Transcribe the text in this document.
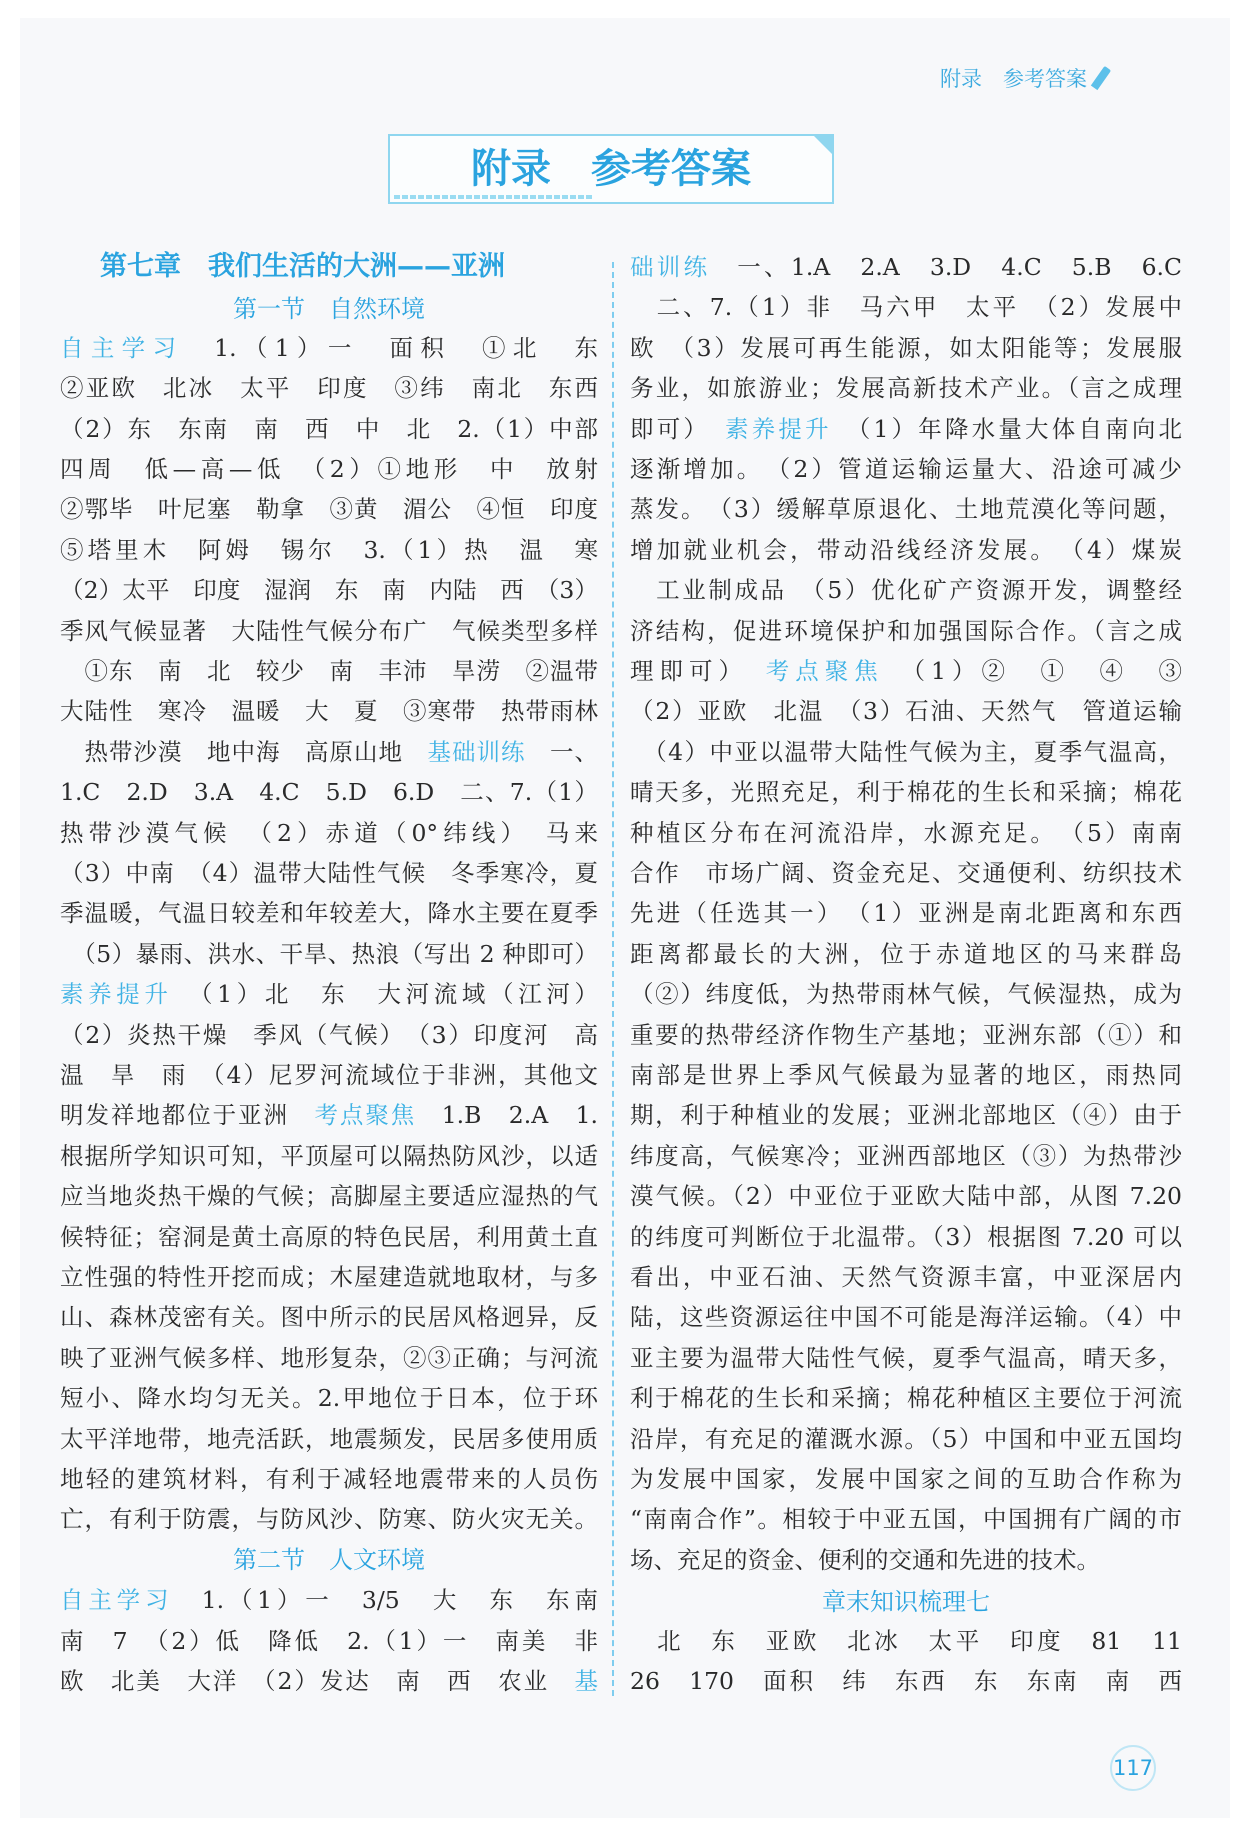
附录　参考答案
附录　参考答案
第七章　我们生活的大洲——亚洲
第一节　自然环境
第二节　人文环境
章末知识梳理七
自主学习　1.（1）一　面积　①北　东
②亚欧　北冰　太平　印度　③纬　南北　东西
（2）东　东南　南　西　中　北　2.（1）中部
四周　低—高—低　（2）①地形　中　放射
②鄂毕　叶尼塞　勒拿　③黄　湄公　④恒　印度
⑤塔里木　阿姆　锡尔　3.（1）热　温　寒
（2）太平　印度　湿润　东　南　内陆　西　（3）
季风气候显著　大陆性气候分布广　气候类型多样
　①东　南　北　较少　南　丰沛　旱涝　②温带
大陆性　寒冷　温暖　大　夏　③寒带　热带雨林
　热带沙漠　地中海　高原山地　基础训练　一、
1.C　2.D　3.A　4.C　5.D　6.D　二、7.（1）
热带沙漠气候　（2）赤道（0°纬线）　马来
（3）中南　（4）温带大陆性气候　冬季寒冷，夏
季温暖，气温日较差和年较差大，降水主要在夏季
　（5）暴雨、洪水、干旱、热浪（写出 2 种即可）
素养提升　（1）北　东　大河流域（江河）
（2）炎热干燥　季风（气候）　（3）印度河　高
温　旱　雨　（4）尼罗河流域位于非洲，其他文
明发祥地都位于亚洲　考点聚焦　1.B　2.A　1.
根据所学知识可知，平顶屋可以隔热防风沙，以适
应当地炎热干燥的气候；高脚屋主要适应湿热的气
候特征；窑洞是黄土高原的特色民居，利用黄土直
立性强的特性开挖而成；木屋建造就地取材，与多
山、森林茂密有关。图中所示的民居风格迥异，反
映了亚洲气候多样、地形复杂，②③正确；与河流
短小、降水均匀无关。2.甲地位于日本，位于环
太平洋地带，地壳活跃，地震频发，民居多使用质
地轻的建筑材料，有利于减轻地震带来的人员伤
亡，有利于防震，与防风沙、防寒、防火灾无关。
自主学习　1.（1）一　3/5　大　东　东南
南　7　（2）低　降低　2.（1）一　南美　非
欧　北美　大洋　（2）发达　南　西　农业　基
础训练　一、1.A　2.A　3.D　4.C　5.B　6.C
　二、7.（1）非　马六甲　太平　（2）发展中
欧　（3）发展可再生能源，如太阳能等；发展服
务业，如旅游业；发展高新技术产业。（言之成理
即可）　素养提升　（1）年降水量大体自南向北
逐渐增加。　（2）管道运输运量大、沿途可减少
蒸发。　（3）缓解草原退化、土地荒漠化等问题，
增加就业机会，带动沿线经济发展。　（4）煤炭
　工业制成品　（5）优化矿产资源开发，调整经
济结构，促进环境保护和加强国际合作。（言之成
理即可）　考点聚焦　（1）②　①　④　③
（2）亚欧　北温　（3）石油、天然气　管道运输
　（4）中亚以温带大陆性气候为主，夏季气温高，
晴天多，光照充足，利于棉花的生长和采摘；棉花
种植区分布在河流沿岸，水源充足。　（5）南南
合作　市场广阔、资金充足、交通便利、纺织技术
先进（任选其一）　（1）亚洲是南北距离和东西
距离都最长的大洲，位于赤道地区的马来群岛
（②）纬度低，为热带雨林气候，气候湿热，成为
重要的热带经济作物生产基地；亚洲东部（①）和
南部是世界上季风气候最为显著的地区，雨热同
期，利于种植业的发展；亚洲北部地区（④）由于
纬度高，气候寒冷；亚洲西部地区（③）为热带沙
漠气候。（2）中亚位于亚欧大陆中部，从图 7.20
的纬度可判断位于北温带。（3）根据图 7.20 可以
看出，中亚石油、天然气资源丰富，中亚深居内
陆，这些资源运往中国不可能是海洋运输。（4）中
亚主要为温带大陆性气候，夏季气温高，晴天多，
利于棉花的生长和采摘；棉花种植区主要位于河流
沿岸，有充足的灌溉水源。（5）中国和中亚五国均
为发展中国家，发展中国家之间的互助合作称为
“南南合作”。相较于中亚五国，中国拥有广阔的市
场、充足的资金、便利的交通和先进的技术。
　北　东　亚欧　北冰　太平　印度　81　11
26　170　面积　纬　东西　东　东南　南　西
117
